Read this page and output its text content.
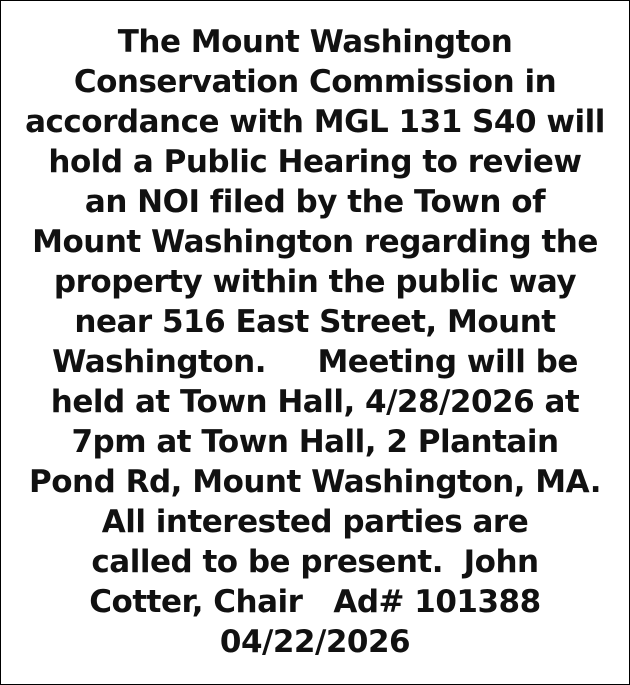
The Mount Washington
Conservation Commission in
accordance with MGL 131 S40 will
hold a Public Hearing to review
an NOI filed by the Town of
Mount Washington regarding the
property within the public way
near 516 East Street, Mount
Washington.     Meeting will be
held at Town Hall, 4/28/2026 at
7pm at Town Hall, 2 Plantain
Pond Rd, Mount Washington, MA.
All interested parties are
called to be present.  John
Cotter, Chair   Ad# 101388
04/22/2026
